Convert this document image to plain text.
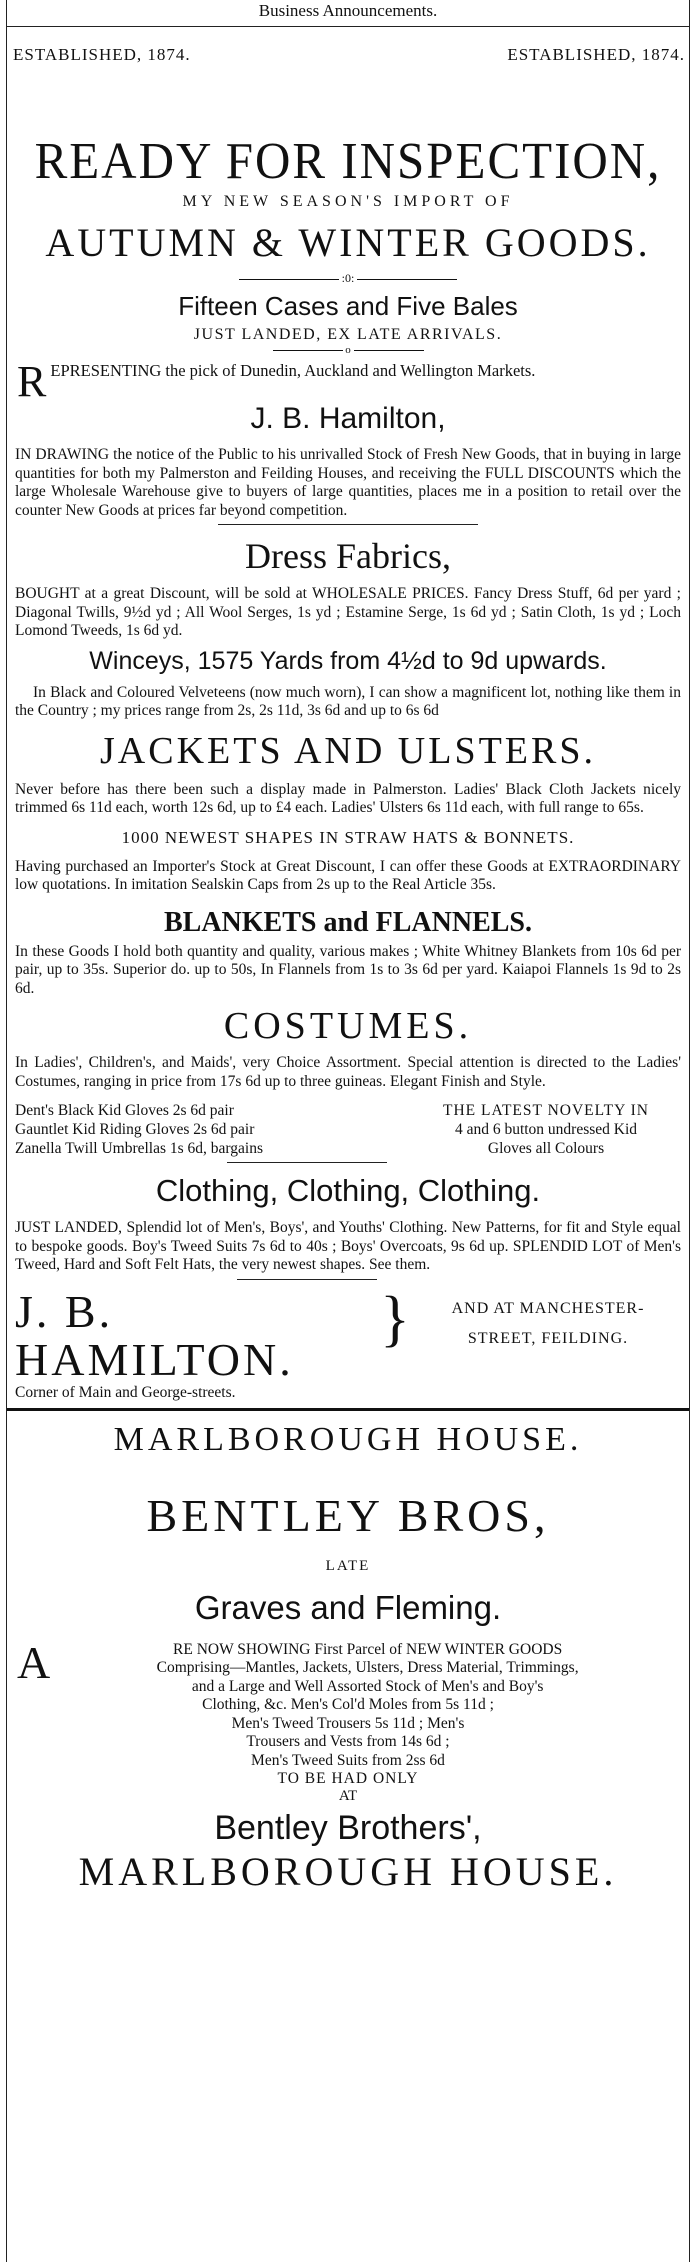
Business Announcements.
ESTABLISHED, 1874.	ESTABLISHED, 1874.
READY FOR INSPECTION,
MY NEW SEASON'S IMPORT OF
AUTUMN & WINTER GOODS.
:0:
Fifteen Cases and Five Bales
JUST LANDED, EX LATE ARRIVALS.
o
REPRESENTING the pick of Dunedin, Auckland and Wellington Markets.
J. B. Hamilton,
IN DRAWING the notice of the Public to his unrivalled Stock of Fresh New Goods, that in buying in large quantities for both my Palmerston and Feilding Houses, and receiving the FULL DISCOUNTS which the large Wholesale Warehouse give to buyers of large quantities, places me in a position to retail over the counter New Goods at prices far beyond competition.
Dress Fabrics,
BOUGHT at a great Discount, will be sold at WHOLESALE PRICES. Fancy Dress Stuff, 6d per yard ; Diagonal Twills, 9½d yd ; All Wool Serges, 1s yd ; Estamine Serge, 1s 6d yd ; Satin Cloth, 1s yd ; Loch Lomond Tweeds, 1s 6d yd.
Winceys, 1575 Yards from 4½d to 9d upwards.
In Black and Coloured Velveteens (now much worn), I can show a magnificent lot, nothing like them in the Country ; my prices range from 2s, 2s 11d, 3s 6d and up to 6s 6d
JACKETS AND ULSTERS.
Never before has there been such a display made in Palmerston. Ladies' Black Cloth Jackets nicely trimmed 6s 11d each, worth 12s 6d, up to £4 each. Ladies' Ulsters 6s 11d each, with full range to 65s.
1000 NEWEST SHAPES IN STRAW HATS & BONNETS.
Having purchased an Importer's Stock at Great Discount, I can offer these Goods at EXTRAORDINARY low quotations. In imitation Sealskin Caps from 2s up to the Real Article 35s.
BLANKETS and FLANNELS.
In these Goods I hold both quantity and quality, various makes ; White Whitney Blankets from 10s 6d per pair, up to 35s. Superior do. up to 50s, In Flannels from 1s to 3s 6d per yard. Kaiapoi Flannels 1s 9d to 2s 6d.
COSTUMES.
In Ladies', Children's, and Maids', very Choice Assortment. Special attention is directed to the Ladies' Costumes, ranging in price from 17s 6d up to three guineas. Elegant Finish and Style.
Dent's Black Kid Gloves 2s 6d pair
Gauntlet Kid Riding Gloves 2s 6d pair
Zanella Twill Umbrellas 1s 6d, bargains
THE LATEST NOVELTY IN
4 and 6 button undressed Kid
Gloves all Colours
Clothing, Clothing, Clothing.
JUST LANDED, Splendid lot of Men's, Boys', and Youths' Clothing. New Patterns, for fit and Style equal to bespoke goods. Boy's Tweed Suits 7s 6d to 40s ; Boys' Overcoats, 9s 6d up. SPLENDID LOT of Men's Tweed, Hard and Soft Felt Hats, the very newest shapes. See them.
J. B. HAMILTON.
Corner of Main and George-streets.
}	AND AT MANCHESTER-
STREET, FEILDING.
MARLBOROUGH HOUSE.
BENTLEY BROS,
LATE
Graves and Fleming.
A	RE NOW SHOWING First Parcel of NEW WINTER GOODS
Comprising—Mantles, Jackets, Ulsters, Dress Material, Trimmings,
and a Large and Well Assorted Stock of Men's and Boy's
Clothing, &c. Men's Col'd Moles from 5s 11d ;
Men's Tweed Trousers 5s 11d ; Men's
Trousers and Vests from 14s 6d ;
Men's Tweed Suits from 2ss 6d
TO BE HAD ONLY
AT
Bentley Brothers',
MARLBOROUGH HOUSE.
